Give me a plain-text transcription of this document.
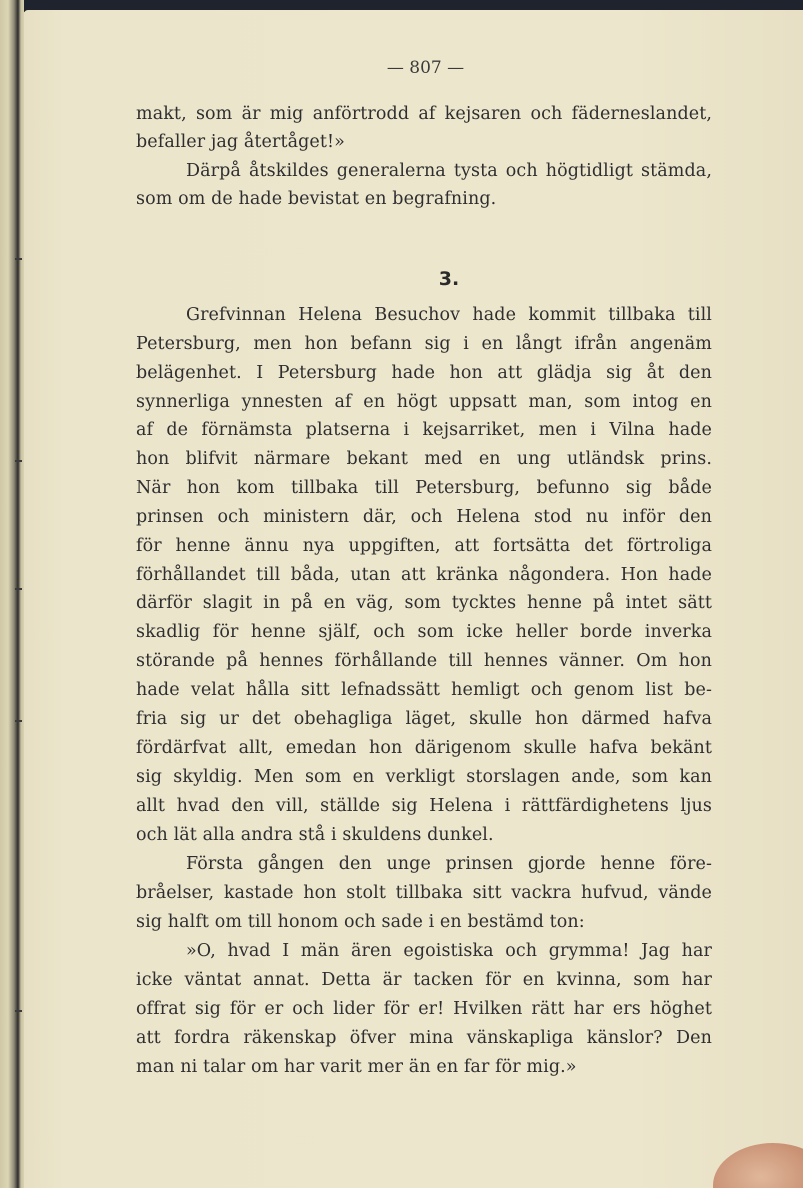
— 807 —
3.
makt, som är mig anförtrodd af kejsaren och fäderneslandet,
befaller jag återtåget!»
Därpå åtskildes generalerna tysta och högtidligt stämda,
som om de hade bevistat en begrafning.
Grefvinnan Helena Besuchov hade kommit tillbaka till
Petersburg, men hon befann sig i en långt ifrån angenäm
belägenhet. I Petersburg hade hon att glädja sig åt den
synnerliga ynnesten af en högt uppsatt man, som intog en
af de förnämsta platserna i kejsarriket, men i Vilna hade
hon blifvit närmare bekant med en ung utländsk prins.
När hon kom tillbaka till Petersburg, befunno sig både
prinsen och ministern där, och Helena stod nu inför den
för henne ännu nya uppgiften, att fortsätta det förtroliga
förhållandet till båda, utan att kränka någondera. Hon hade
därför slagit in på en väg, som tycktes henne på intet sätt
skadlig för henne själf, och som icke heller borde inverka
störande på hennes förhållande till hennes vänner. Om hon
hade velat hålla sitt lefnadssätt hemligt och genom list be-
fria sig ur det obehagliga läget, skulle hon därmed hafva
fördärfvat allt, emedan hon därigenom skulle hafva bekänt
sig skyldig. Men som en verkligt storslagen ande, som kan
allt hvad den vill, ställde sig Helena i rättfärdighetens ljus
och lät alla andra stå i skuldens dunkel.
Första gången den unge prinsen gjorde henne före-
bråelser, kastade hon stolt tillbaka sitt vackra hufvud, vände
sig halft om till honom och sade i en bestämd ton:
»O, hvad I män ären egoistiska och grymma! Jag har
icke väntat annat. Detta är tacken för en kvinna, som har
offrat sig för er och lider för er! Hvilken rätt har ers höghet
att fordra räkenskap öfver mina vänskapliga känslor? Den
man ni talar om har varit mer än en far för mig.»
